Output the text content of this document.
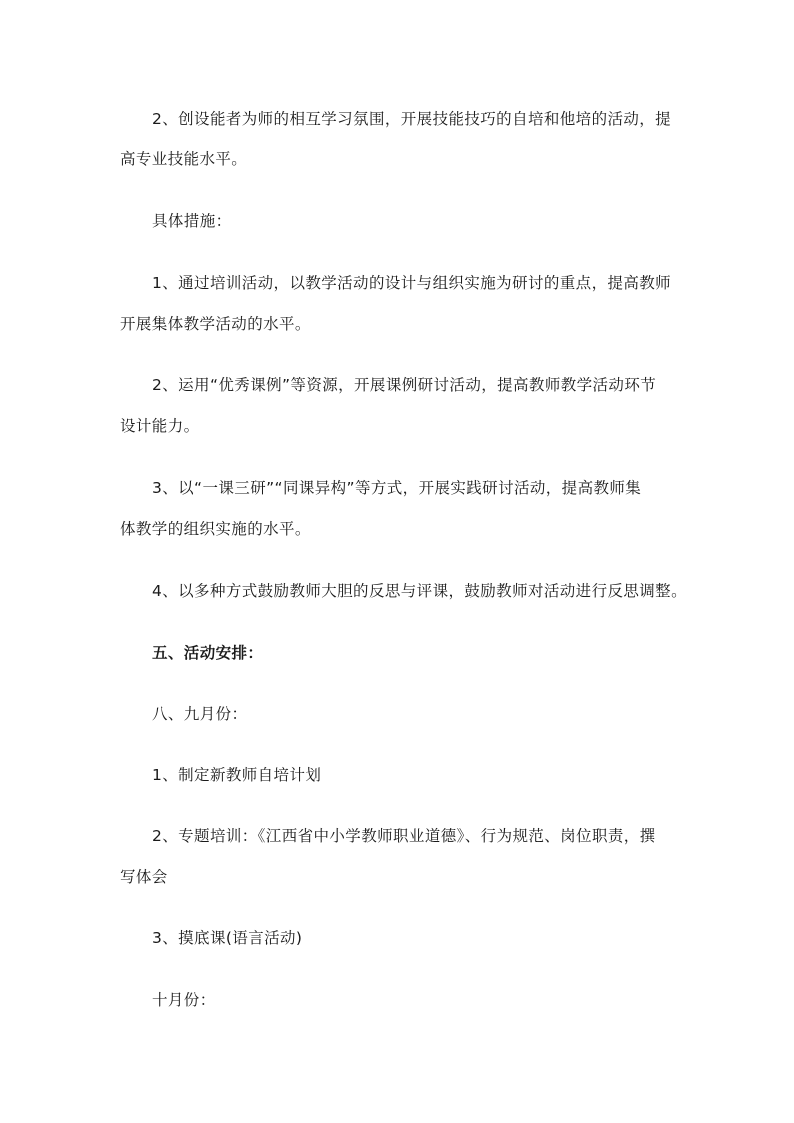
2、创设能者为师的相互学习氛围，开展技能技巧的自培和他培的活动，提
高专业技能水平。
具体措施：
1、通过培训活动，以教学活动的设计与组织实施为研讨的重点，提高教师
开展集体教学活动的水平。
2、运用“优秀课例”等资源，开展课例研讨活动，提高教师教学活动环节
设计能力。
3、以“一课三研”“同课异构”等方式，开展实践研讨活动，提高教师集
体教学的组织实施的水平。
4、以多种方式鼓励教师大胆的反思与评课，鼓励教师对活动进行反思调整。
五、活动安排：
八、九月份：
1、制定新教师自培计划
2、专题培训：《江西省中小学教师职业道德》、行为规范、岗位职责，撰
写体会
3、摸底课(语言活动)
十月份：
